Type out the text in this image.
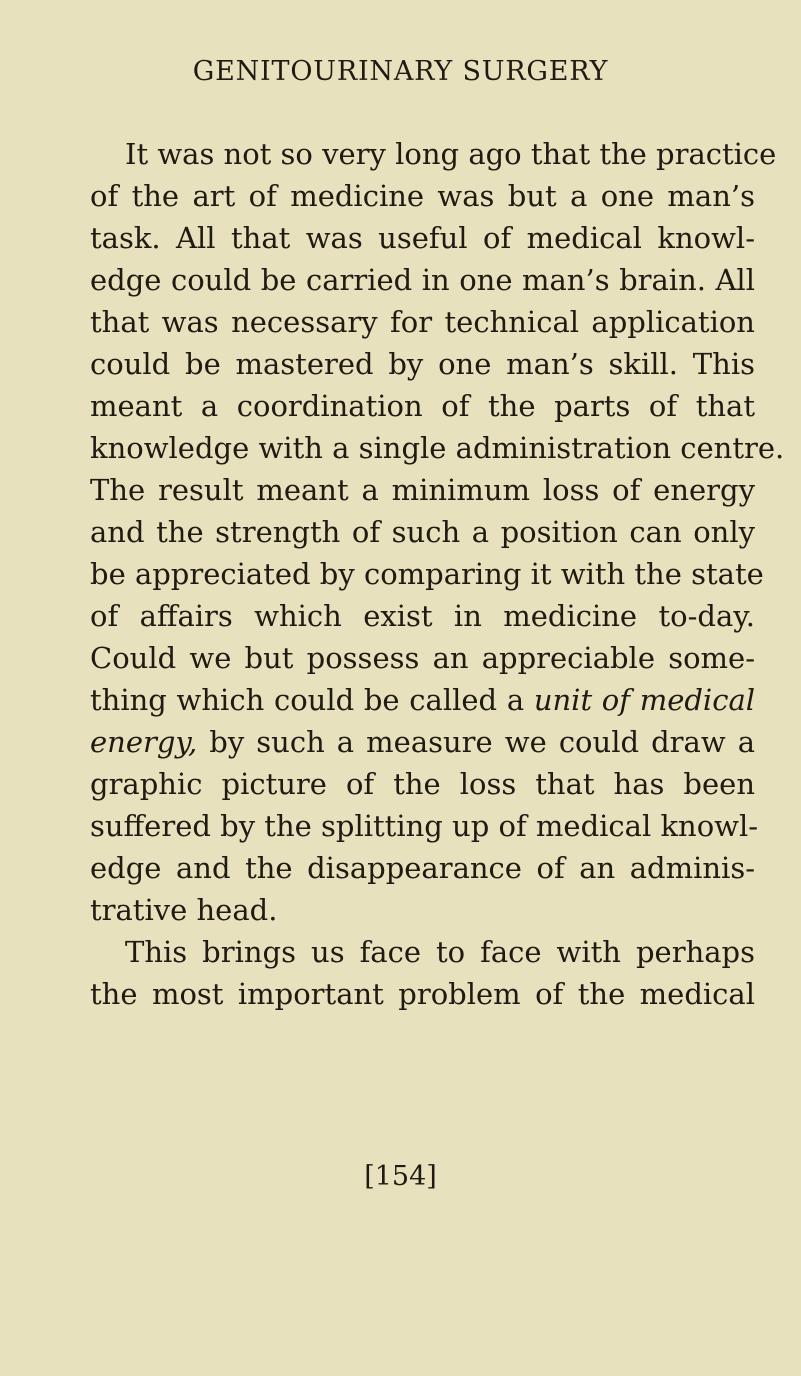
GENITOURINARY SURGERY
It was not so very long ago that the practice
of the art of medicine was but a one man’s
task. All that was useful of medical knowl-
edge could be carried in one man’s brain. All
that was necessary for technical application
could be mastered by one man’s skill. This
meant a coordination of the parts of that
knowledge with a single administration centre.
The result meant a minimum loss of energy
and the strength of such a position can only
be appreciated by comparing it with the state
of affairs which exist in medicine to-day.
Could we but possess an appreciable some-
thing which could be called a unit of medical
energy, by such a measure we could draw a
graphic picture of the loss that has been
suffered by the splitting up of medical knowl-
edge and the disappearance of an adminis-
trative head.
This brings us face to face with perhaps
the most important problem of the medical
[154]
